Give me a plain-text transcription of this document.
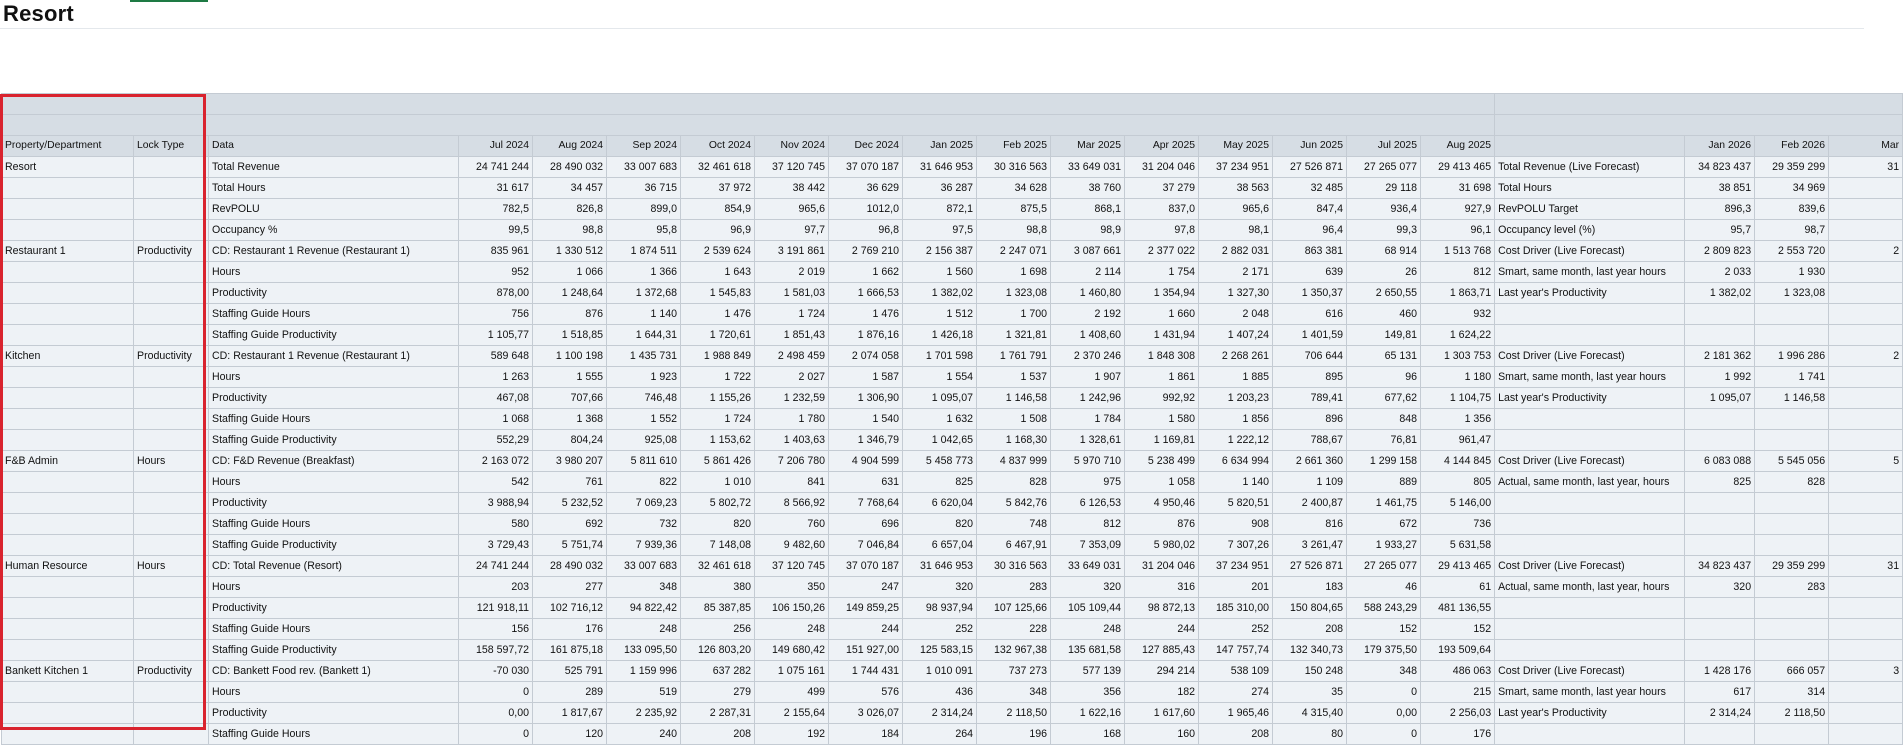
Resort

Property/Department	Lock Type	Data	Jul 2024	Aug 2024	Sep 2024	Oct 2024	Nov 2024	Dec 2024	Jan 2025	Feb 2025	Mar 2025	Apr 2025	May 2025	Jun 2025	Jul 2025	Aug 2025		Jan 2026	Feb 2026	Mar
Resort		Total Revenue	24 741 244	28 490 032	33 007 683	32 461 618	37 120 745	37 070 187	31 646 953	30 316 563	33 649 031	31 204 046	37 234 951	27 526 871	27 265 077	29 413 465	Total Revenue (Live Forecast)	34 823 437	29 359 299	31
		Total Hours	31 617	34 457	36 715	37 972	38 442	36 629	36 287	34 628	38 760	37 279	38 563	32 485	29 118	31 698	Total Hours	38 851	34 969	
		RevPOLU	782,5	826,8	899,0	854,9	965,6	1012,0	872,1	875,5	868,1	837,0	965,6	847,4	936,4	927,9	RevPOLU Target	896,3	839,6	
		Occupancy %	99,5	98,8	95,8	96,9	97,7	96,8	97,5	98,8	98,9	97,8	98,1	96,4	99,3	96,1	Occupancy level (%)	95,7	98,7	
Restaurant 1	Productivity	CD: Restaurant 1 Revenue (Restaurant 1)	835 961	1 330 512	1 874 511	2 539 624	3 191 861	2 769 210	2 156 387	2 247 071	3 087 661	2 377 022	2 882 031	863 381	68 914	1 513 768	Cost Driver (Live Forecast)	2 809 823	2 553 720	2
		Hours	952	1 066	1 366	1 643	2 019	1 662	1 560	1 698	2 114	1 754	2 171	639	26	812	Smart, same month, last year hours	2 033	1 930	
		Productivity	878,00	1 248,64	1 372,68	1 545,83	1 581,03	1 666,53	1 382,02	1 323,08	1 460,80	1 354,94	1 327,30	1 350,37	2 650,55	1 863,71	Last year's Productivity	1 382,02	1 323,08	
		Staffing Guide Hours	756	876	1 140	1 476	1 724	1 476	1 512	1 700	2 192	1 660	2 048	616	460	932				
		Staffing Guide Productivity	1 105,77	1 518,85	1 644,31	1 720,61	1 851,43	1 876,16	1 426,18	1 321,81	1 408,60	1 431,94	1 407,24	1 401,59	149,81	1 624,22				
Kitchen	Productivity	CD: Restaurant 1 Revenue (Restaurant 1)	589 648	1 100 198	1 435 731	1 988 849	2 498 459	2 074 058	1 701 598	1 761 791	2 370 246	1 848 308	2 268 261	706 644	65 131	1 303 753	Cost Driver (Live Forecast)	2 181 362	1 996 286	2
		Hours	1 263	1 555	1 923	1 722	2 027	1 587	1 554	1 537	1 907	1 861	1 885	895	96	1 180	Smart, same month, last year hours	1 992	1 741	
		Productivity	467,08	707,66	746,48	1 155,26	1 232,59	1 306,90	1 095,07	1 146,58	1 242,96	992,92	1 203,23	789,41	677,62	1 104,75	Last year's Productivity	1 095,07	1 146,58	
		Staffing Guide Hours	1 068	1 368	1 552	1 724	1 780	1 540	1 632	1 508	1 784	1 580	1 856	896	848	1 356				
		Staffing Guide Productivity	552,29	804,24	925,08	1 153,62	1 403,63	1 346,79	1 042,65	1 168,30	1 328,61	1 169,81	1 222,12	788,67	76,81	961,47				
F&B Admin	Hours	CD: F&D Revenue (Breakfast)	2 163 072	3 980 207	5 811 610	5 861 426	7 206 780	4 904 599	5 458 773	4 837 999	5 970 710	5 238 499	6 634 994	2 661 360	1 299 158	4 144 845	Cost Driver (Live Forecast)	6 083 088	5 545 056	5
		Hours	542	761	822	1 010	841	631	825	828	975	1 058	1 140	1 109	889	805	Actual, same month, last year, hours	825	828	
		Productivity	3 988,94	5 232,52	7 069,23	5 802,72	8 566,92	7 768,64	6 620,04	5 842,76	6 126,53	4 950,46	5 820,51	2 400,87	1 461,75	5 146,00				
		Staffing Guide Hours	580	692	732	820	760	696	820	748	812	876	908	816	672	736				
		Staffing Guide Productivity	3 729,43	5 751,74	7 939,36	7 148,08	9 482,60	7 046,84	6 657,04	6 467,91	7 353,09	5 980,02	7 307,26	3 261,47	1 933,27	5 631,58				
Human Resource	Hours	CD: Total Revenue (Resort)	24 741 244	28 490 032	33 007 683	32 461 618	37 120 745	37 070 187	31 646 953	30 316 563	33 649 031	31 204 046	37 234 951	27 526 871	27 265 077	29 413 465	Cost Driver (Live Forecast)	34 823 437	29 359 299	31
		Hours	203	277	348	380	350	247	320	283	320	316	201	183	46	61	Actual, same month, last year, hours	320	283	
		Productivity	121 918,11	102 716,12	94 822,42	85 387,85	106 150,26	149 859,25	98 937,94	107 125,66	105 109,44	98 872,13	185 310,00	150 804,65	588 243,29	481 136,55				
		Staffing Guide Hours	156	176	248	256	248	244	252	228	248	244	252	208	152	152				
		Staffing Guide Productivity	158 597,72	161 875,18	133 095,50	126 803,20	149 680,42	151 927,00	125 583,15	132 967,38	135 681,58	127 885,43	147 757,74	132 340,73	179 375,50	193 509,64				
Bankett Kitchen 1	Productivity	CD: Bankett Food rev. (Bankett 1)	-70 030	525 791	1 159 996	637 282	1 075 161	1 744 431	1 010 091	737 273	577 139	294 214	538 109	150 248	348	486 063	Cost Driver (Live Forecast)	1 428 176	666 057	3
		Hours	0	289	519	279	499	576	436	348	356	182	274	35	0	215	Smart, same month, last year hours	617	314	
		Productivity	0,00	1 817,67	2 235,92	2 287,31	2 155,64	3 026,07	2 314,24	2 118,50	1 622,16	1 617,60	1 965,46	4 315,40	0,00	2 256,03	Last year's Productivity	2 314,24	2 118,50	
		Staffing Guide Hours	0	120	240	208	192	184	264	196	168	160	208	80	0	176				
